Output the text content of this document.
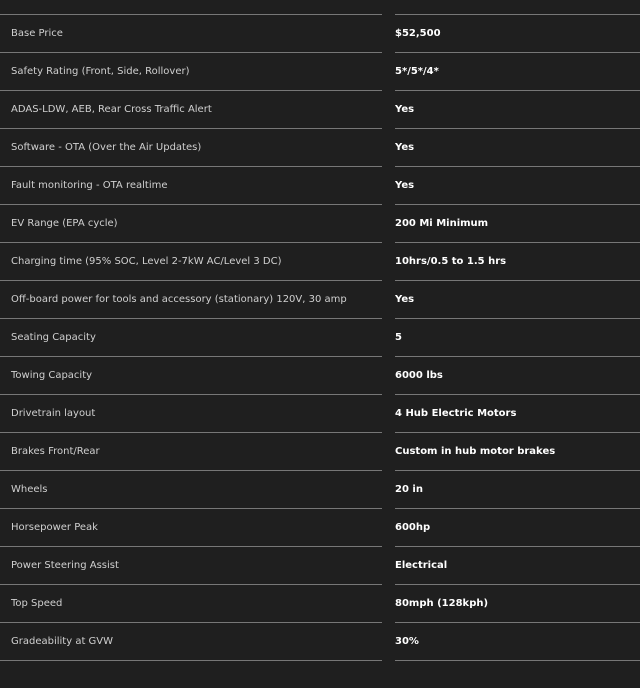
Base Price	$52,500
Safety Rating (Front, Side, Rollover)	5*/5*/4*
ADAS-LDW, AEB, Rear Cross Traffic Alert	Yes
Software - OTA (Over the Air Updates)	Yes
Fault monitoring - OTA realtime	Yes
EV Range (EPA cycle)	200 Mi Minimum
Charging time (95% SOC, Level 2-7kW AC/Level 3 DC)	10hrs/0.5 to 1.5 hrs
Off-board power for tools and accessory (stationary) 120V, 30 amp	Yes
Seating Capacity	5
Towing Capacity	6000 lbs
Drivetrain layout	4 Hub Electric Motors
Brakes Front/Rear	Custom in hub motor brakes
Wheels	20 in
Horsepower Peak	600hp
Power Steering Assist	Electrical
Top Speed	80mph (128kph)
Gradeability at GVW	30%
